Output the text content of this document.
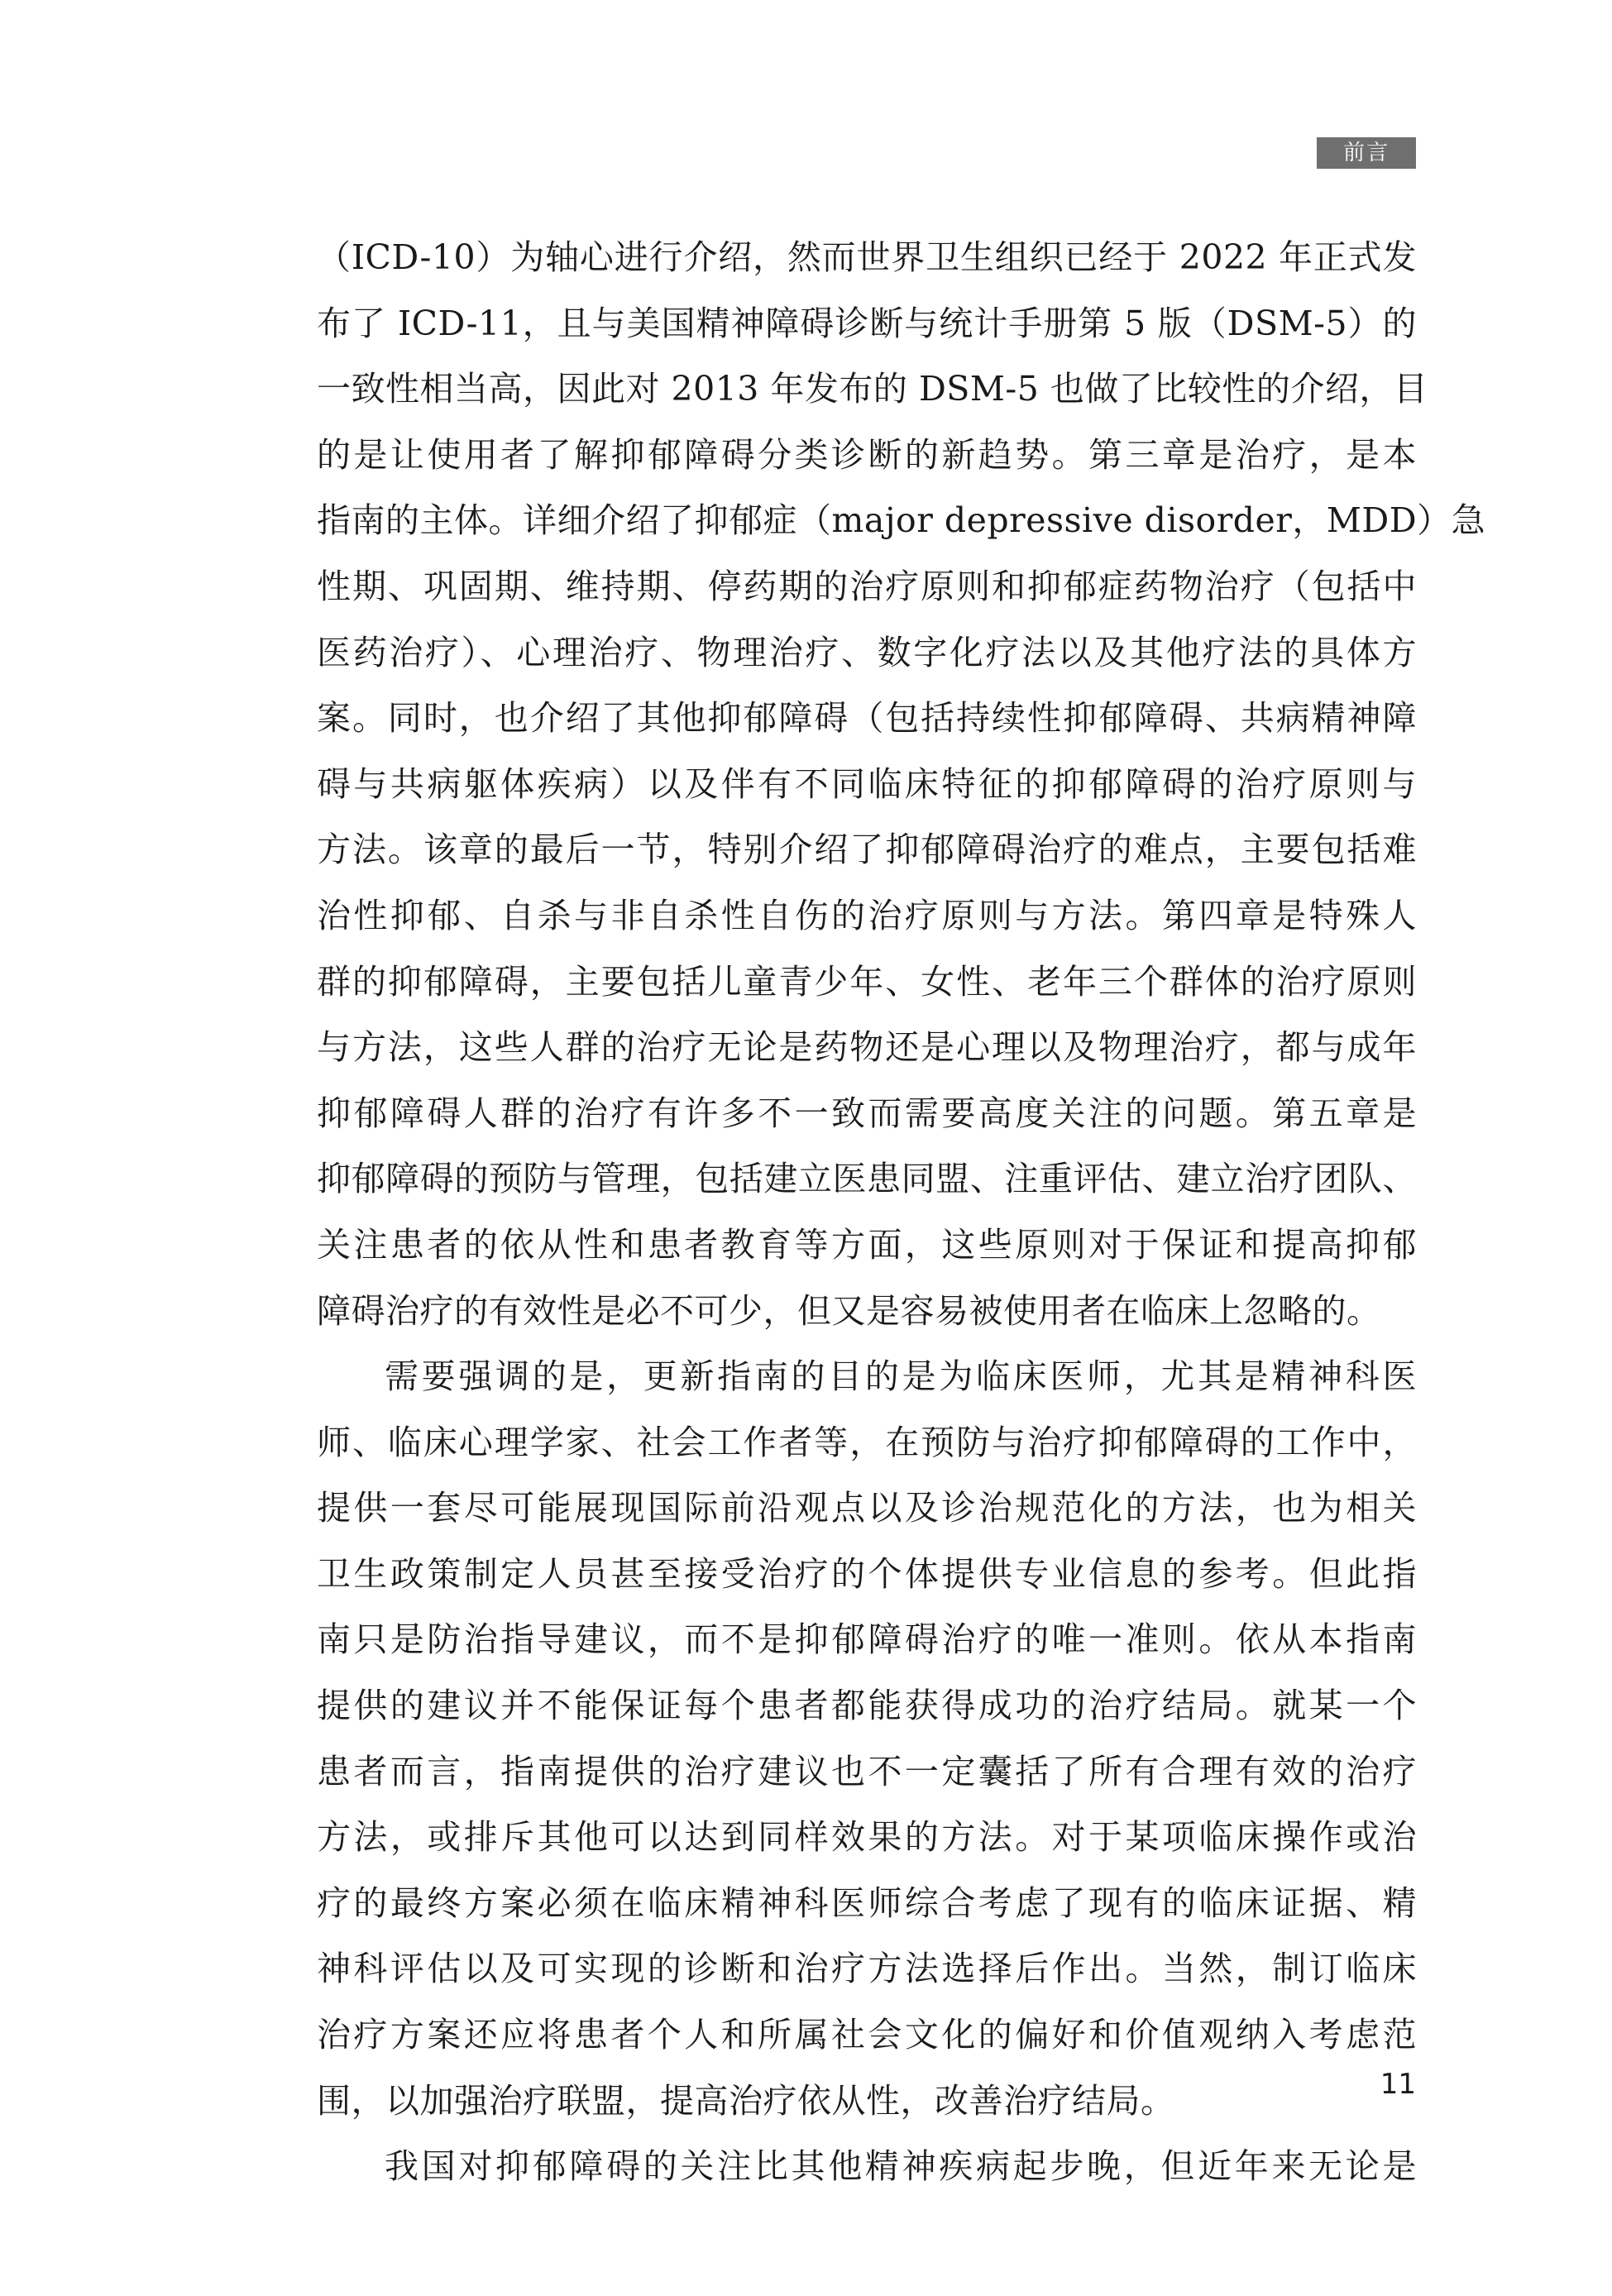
前言
（ICD-10）为轴心进行介绍，然而世界卫生组织已经于 2022 年正式发
布了 ICD-11，且与美国精神障碍诊断与统计手册第 5 版（DSM-5）的
一致性相当高，因此对 2013 年发布的 DSM-5 也做了比较性的介绍，目
的是让使用者了解抑郁障碍分类诊断的新趋势。第三章是治疗，是本
指南的主体。详细介绍了抑郁症（major depressive disorder，MDD）急
性期、巩固期、维持期、停药期的治疗原则和抑郁症药物治疗（包括中
医药治疗）、心理治疗、物理治疗、数字化疗法以及其他疗法的具体方
案。同时，也介绍了其他抑郁障碍（包括持续性抑郁障碍、共病精神障
碍与共病躯体疾病）以及伴有不同临床特征的抑郁障碍的治疗原则与
方法。该章的最后一节，特别介绍了抑郁障碍治疗的难点，主要包括难
治性抑郁、自杀与非自杀性自伤的治疗原则与方法。第四章是特殊人
群的抑郁障碍，主要包括儿童青少年、女性、老年三个群体的治疗原则
与方法，这些人群的治疗无论是药物还是心理以及物理治疗，都与成年
抑郁障碍人群的治疗有许多不一致而需要高度关注的问题。第五章是
抑郁障碍的预防与管理，包括建立医患同盟、注重评估、建立治疗团队、
关注患者的依从性和患者教育等方面，这些原则对于保证和提高抑郁
障碍治疗的有效性是必不可少，但又是容易被使用者在临床上忽略的。
需要强调的是，更新指南的目的是为临床医师，尤其是精神科医
师、临床心理学家、社会工作者等，在预防与治疗抑郁障碍的工作中，
提供一套尽可能展现国际前沿观点以及诊治规范化的方法，也为相关
卫生政策制定人员甚至接受治疗的个体提供专业信息的参考。但此指
南只是防治指导建议，而不是抑郁障碍治疗的唯一准则。依从本指南
提供的建议并不能保证每个患者都能获得成功的治疗结局。就某一个
患者而言，指南提供的治疗建议也不一定囊括了所有合理有效的治疗
方法，或排斥其他可以达到同样效果的方法。对于某项临床操作或治
疗的最终方案必须在临床精神科医师综合考虑了现有的临床证据、精
神科评估以及可实现的诊断和治疗方法选择后作出。当然，制订临床
治疗方案还应将患者个人和所属社会文化的偏好和价值观纳入考虑范
围，以加强治疗联盟，提高治疗依从性，改善治疗结局。
我国对抑郁障碍的关注比其他精神疾病起步晚，但近年来无论是
11
